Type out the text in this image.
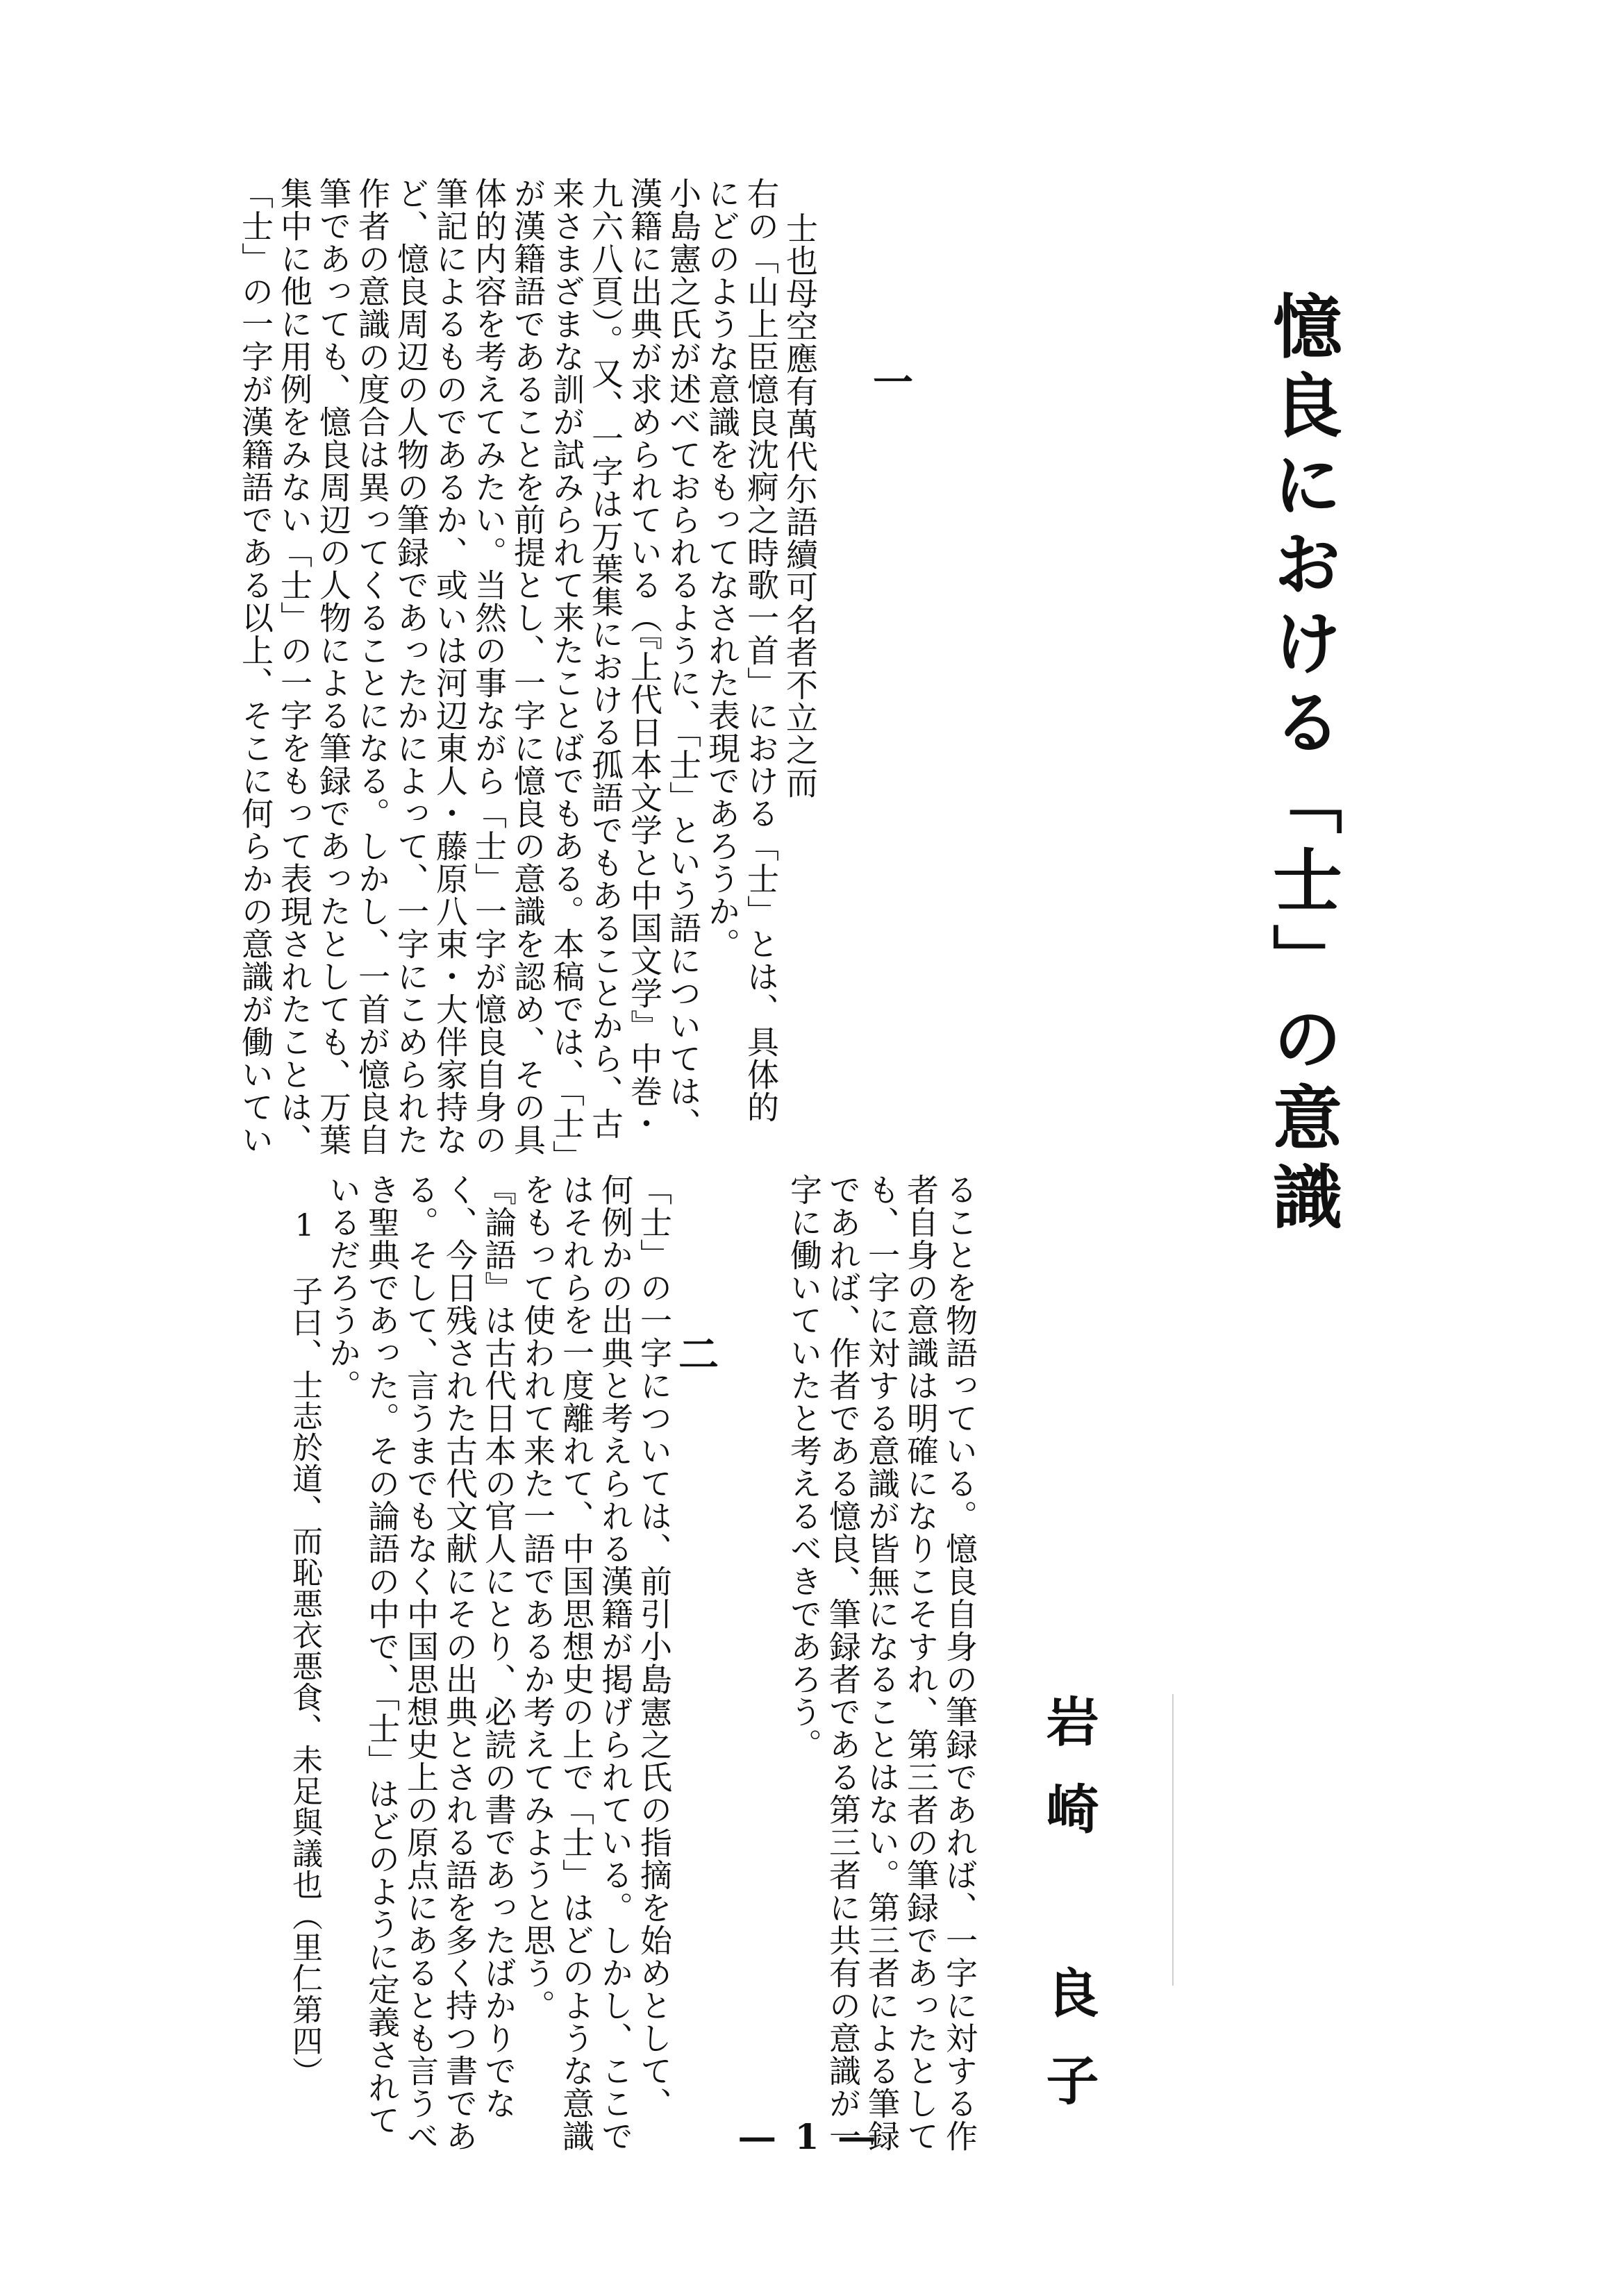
憶良における「士」の意識
岩崎 良子
一

士也母空應有萬代尓語續可名者不立之而

右の「山上臣憶良沈痾之時歌一首」における「士」とは、具体的

にどのような意識をもってなされた表現であろうか。

小島憲之氏が述べておられるように、「士」という語については、

漢籍に出典が求められている（『上代日本文学と中国文学』中巻・

九六八頁）。又、一字は万葉集における孤語でもあることから、古

来さまざまな訓が試みられて来たことばでもある。本稿では、「士」

が漢籍語であることを前提とし、一字に憶良の意識を認め、その具

体的内容を考えてみたい。当然の事ながら「士」一字が憶良自身の

筆記によるものであるか、或いは河辺東人・藤原八束・大伴家持な

ど、憶良周辺の人物の筆録であったかによって、一字にこめられた

作者の意識の度合は異ってくることになる。しかし、一首が憶良自

筆であっても、憶良周辺の人物による筆録であったとしても、万葉

集中に他に用例をみない「士」の一字をもって表現されたことは、

「士」の一字が漢籍語である以上、そこに何らかの意識が働いてい

ることを物語っている。憶良自身の筆録であれば、一字に対する作

者自身の意識は明確になりこそすれ、第三者の筆録であったとして

も、一字に対する意識が皆無になることはない。第三者による筆録

であれば、作者である憶良、筆録者である第三者に共有の意識が一

字に働いていたと考えるべきであろう。

二

「士」の一字については、前引小島憲之氏の指摘を始めとして、

何例かの出典と考えられる漢籍が掲げられている。しかし、ここで

はそれらを一度離れて、中国思想史の上で「士」はどのような意識

をもって使われて来た一語であるか考えてみようと思う。

『論語』は古代日本の官人にとり、必読の書であったばかりでな

く、今日残された古代文献にその出典とされる語を多く持つ書であ

る。そして、言うまでもなく中国思想史上の原点にあるとも言うべ

き聖典であった。その論語の中で、「士」はどのように定義されて

いるだろうか。

1　子曰、士志於道、而恥悪衣悪食、未足與議也（里仁第四）

― 1 ―
